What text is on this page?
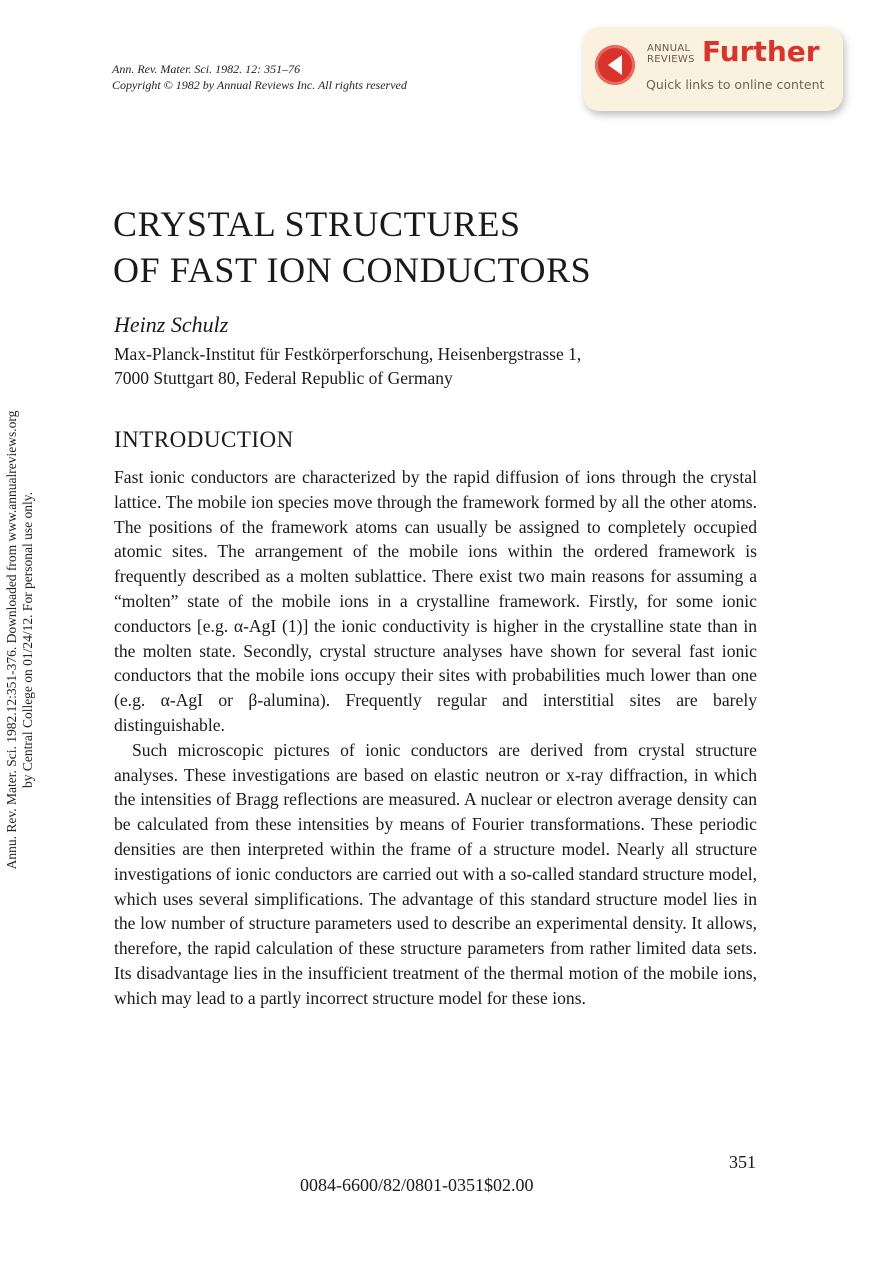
Annu. Rev. Mater. Sci. 1982.12:351-376. Downloaded from www.annualreviews.org by Central College on 01/24/12. For personal use only.
Ann. Rev. Mater. Sci. 1982. 12: 351–76
Copyright © 1982 by Annual Reviews Inc. All rights reserved
ANNUAL
REVIEWS Further
Quick links to online content
CRYSTAL STRUCTURES
OF FAST ION CONDUCTORS
Heinz Schulz
Max-Planck-Institut für Festkörperforschung, Heisenbergstrasse 1,
7000 Stuttgart 80, Federal Republic of Germany
INTRODUCTION

Fast ionic conductors are characterized by the rapid diffusion of ions through the crystal lattice. The mobile ion species move through the framework formed by all the other atoms. The positions of the framework atoms can usually be assigned to completely occupied atomic sites. The arrangement of the mobile ions within the ordered framework is frequently described as a molten sublattice. There exist two main reasons for assuming a “molten” state of the mobile ions in a crystalline framework. Firstly, for some ionic conductors [e.g. α-AgI (1)] the ionic conductivity is higher in the crystalline state than in the molten state. Secondly, crystal structure analyses have shown for several fast ionic conductors that the mobile ions occupy their sites with probabilities much lower than one (e.g. α-AgI or β-alumina). Frequently regular and interstitial sites are barely distinguishable.

Such microscopic pictures of ionic conductors are derived from crystal structure analyses. These investigations are based on elastic neutron or x-ray diffraction, in which the intensities of Bragg reflections are measured. A nuclear or electron average density can be calculated from these intensities by means of Fourier transformations. These periodic densities are then interpreted within the frame of a structure model. Nearly all structure investigations of ionic conductors are carried out with a so-called standard structure model, which uses several simplifications. The advantage of this standard structure model lies in the low number of structure parameters used to describe an experimental density. It allows, therefore, the rapid calculation of these structure parameters from rather limited data sets. Its disadvantage lies in the insufficient treatment of the thermal motion of the mobile ions, which may lead to a partly incorrect structure model for these ions.

351
0084-6600/82/0801-0351$02.00
